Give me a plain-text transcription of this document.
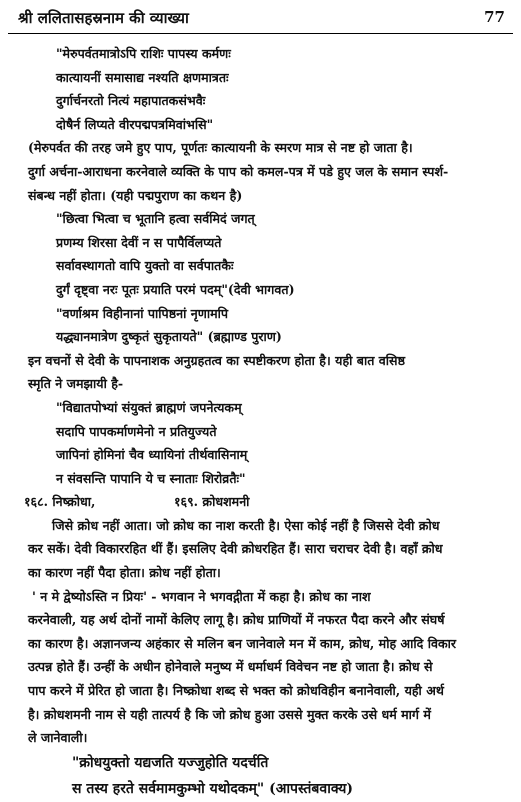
श्री ललितासहस्रनाम की व्याख्या	77
"मेरुपर्वतमात्रोऽपि राशिः पापस्य कर्मणः
कात्यायनीं समासाद्य नश्यति क्षणमात्रतः
दुर्गार्चनरतो नित्यं महापातकसंभवैः
दोषैर्न लिप्यते वीरपद्मपत्रमिवांभसि"
(मेरुपर्वत की तरह जमे हुए पाप, पूर्णतः कात्यायनी के स्मरण मात्र से नष्ट हो जाता है।
दुर्गा अर्चना-आराधना करनेवाले व्यक्ति के पाप को कमल-पत्र में पडे हुए जल के समान स्पर्श-
संबन्ध नहीं होता। (यही पद्मपुराण का कथन है)
"छित्वा भित्वा च भूतानि हत्वा सर्वमिदं जगत्
प्रणम्य शिरसा देवीं न स पापैर्विलप्यते
सर्वावस्थागतो वापि युक्तो वा सर्वपातकैः
दुर्गं दृष्ट्वा नरः पूतः प्रयाति परमं पदम्"(देवी भागवत)
"वर्णाश्रम विहीनानां पापिष्ठनां नृणामपि
यद्ध्यानमात्रेण दुष्कृतं सुकृतायते" (ब्रह्माण्ड पुराण)
इन वचनों से देवी के पापनाशक अनुग्रहतत्व का स्पष्टीकरण होता है। यही बात वसिष्ठ
स्मृति ने जमझायी है-
"विद्यातपोभ्यां संयुक्तं ब्राह्मणं जपनेत्यकम्
सदापि पापकर्माणमेनो न प्रतियुज्यते
जापिनां होमिनां चैव ध्यायिनां तीर्थवासिनाम्
न संवसन्ति पापानि ये च स्नाताः शिरोव्रतैः"
१६८. निष्क्रोधा,	१६९. क्रोधशमनी
जिसे क्रोध नहीं आता। जो क्रोध का नाश करती है। ऐसा कोई नहीं है जिससे देवी क्रोध
कर सकें। देवी विकाररहित थीं हैं। इसलिए देवी क्रोधरहित हैं। सारा चराचर देवी है। वहाँ क्रोध
का कारण नहीं पैदा होता। क्रोध नहीं होता।
' न मे द्वेष्योऽस्ति न प्रियः' - भगवान ने भगवद्गीता में कहा है। क्रोध का नाश
करनेवाली, यह अर्थ दोनों नामों केलिए लागू है। क्रोध प्राणियों में नफरत पैदा करने और संघर्ष
का कारण है। अज्ञानजन्य अहंकार से मलिन बन जानेवाले मन में काम, क्रोध, मोह आदि विकार
उत्पन्न होते हैं। उन्हीं के अधीन होनेवाले मनुष्य में धर्माधर्म विवेचन नष्ट हो जाता है। क्रोध से
पाप करने में प्रेरित हो जाता है। निष्क्रोधा शब्द से भक्त को क्रोधविहीन बनानेवाली, यही अर्थ
है। क्रोधशमनी नाम से यही तात्पर्य है कि जो क्रोध हुआ उससे मुक्त करके उसे धर्म मार्ग में
ले जानेवाली।
"क्रोधयुक्तो यद्यजति यज्जुहोति यदर्चति
स तस्य हरते सर्वमामकुम्भो यथोदकम्" (आपस्तंबवाक्य)
